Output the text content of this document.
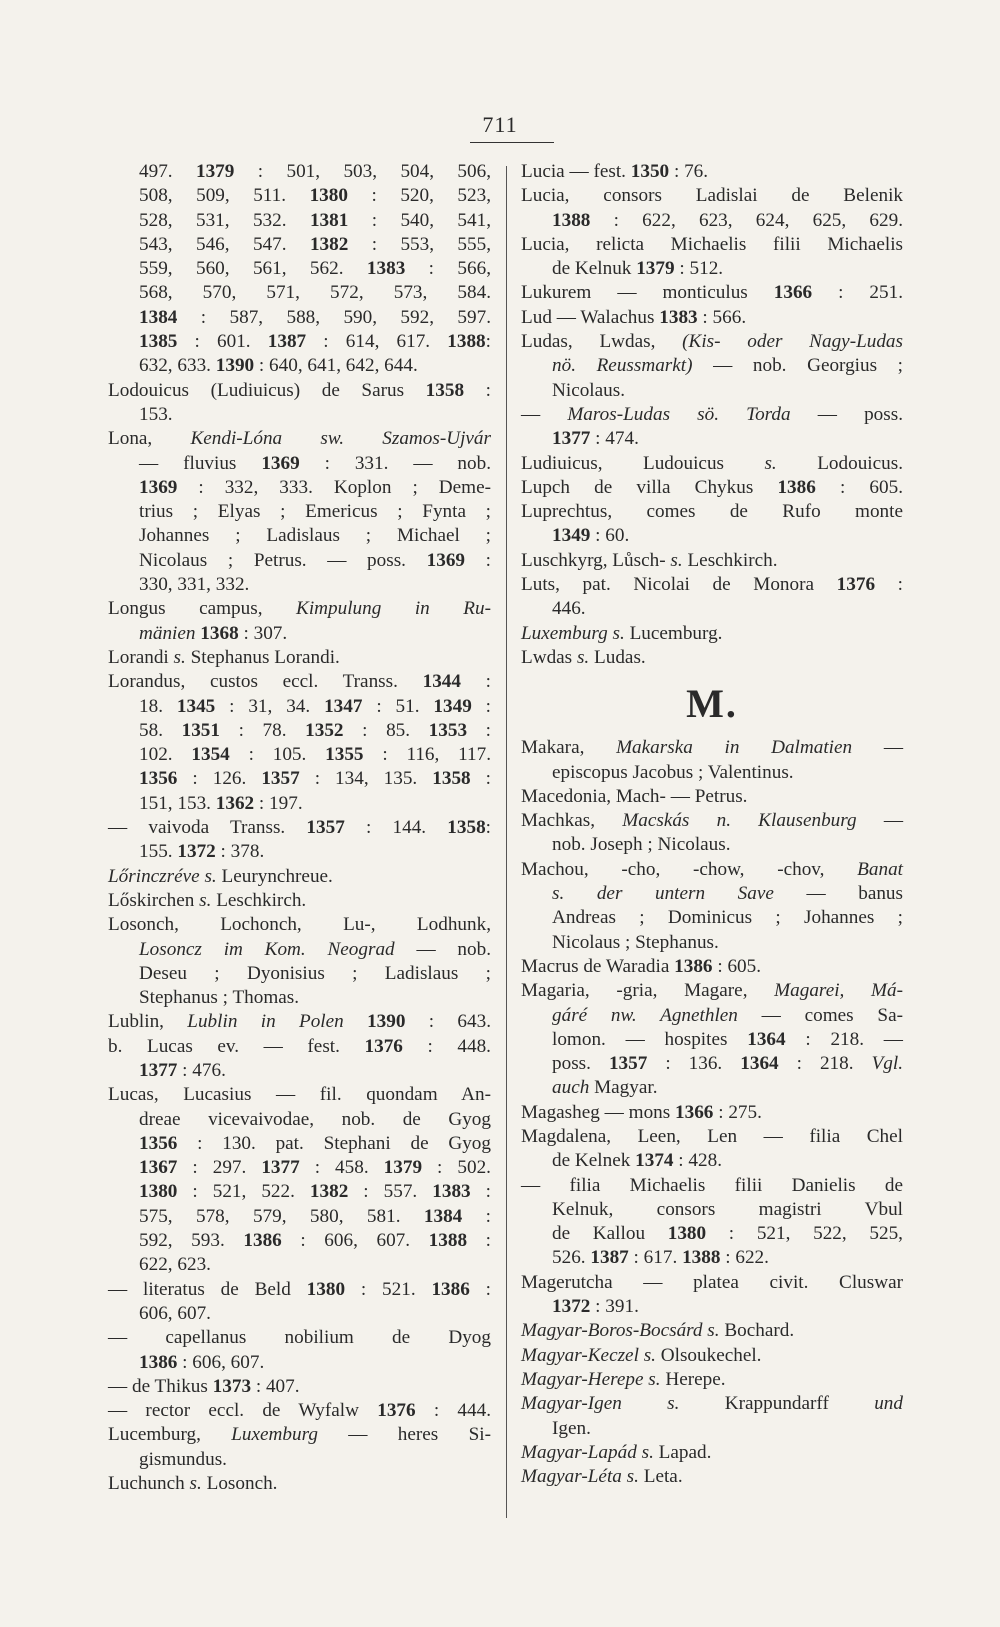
711
497. 1379 : 501, 503, 504, 506,
508, 509, 511. 1380 : 520, 523,
528, 531, 532. 1381 : 540, 541,
543, 546, 547. 1382 : 553, 555,
559, 560, 561, 562. 1383 : 566,
568, 570, 571, 572, 573, 584.
1384 : 587, 588, 590, 592, 597.
1385 : 601. 1387 : 614, 617. 1388:
632, 633. 1390 : 640, 641, 642, 644.
Lodouicus (Ludiuicus) de Sarus 1358 :
153.
Lona, Kendi-Lóna sw. Szamos-Ujvár
— fluvius 1369 : 331. — nob.
1369 : 332, 333. Koplon ; Deme-
trius ; Elyas ; Emericus ; Fynta ;
Johannes ; Ladislaus ; Michael ;
Nicolaus ; Petrus. — poss. 1369 :
330, 331, 332.
Longus campus, Kimpulung in Ru-
mänien 1368 : 307.
Lorandi s. Stephanus Lorandi.
Lorandus, custos eccl. Transs. 1344 :
18. 1345 : 31, 34. 1347 : 51. 1349 :
58. 1351 : 78. 1352 : 85. 1353 :
102. 1354 : 105. 1355 : 116, 117.
1356 : 126. 1357 : 134, 135. 1358 :
151, 153. 1362 : 197.
— vaivoda Transs. 1357 : 144. 1358:
155. 1372 : 378.
Lőrinczréve s. Leurynchreue.
Lőskirchen s. Leschkirch.
Losonch, Lochonch, Lu-, Lodhunk,
Losoncz im Kom. Neograd — nob.
Deseu ; Dyonisius ; Ladislaus ;
Stephanus ; Thomas.
Lublin, Lublin in Polen 1390 : 643.
b. Lucas ev. — fest. 1376 : 448.
1377 : 476.
Lucas, Lucasius — fil. quondam An-
dreae vicevaivodae, nob. de Gyog
1356 : 130. pat. Stephani de Gyog
1367 : 297. 1377 : 458. 1379 : 502.
1380 : 521, 522. 1382 : 557. 1383 :
575, 578, 579, 580, 581. 1384 :
592, 593. 1386 : 606, 607. 1388 :
622, 623.
— literatus de Beld 1380 : 521. 1386 :
606, 607.
— capellanus nobilium de Dyog
1386 : 606, 607.
— de Thikus 1373 : 407.
— rector eccl. de Wyfalw 1376 : 444.
Lucemburg, Luxemburg — heres Si-
gismundus.
Luchunch s. Losonch.
Lucia — fest. 1350 : 76.
Lucia, consors Ladislai de Belenik
1388 : 622, 623, 624, 625, 629.
Lucia, relicta Michaelis filii Michaelis
de Kelnuk 1379 : 512.
Lukurem — monticulus 1366 : 251.
Lud — Walachus 1383 : 566.
Ludas, Lwdas, (Kis- oder Nagy-Ludas
nö. Reussmarkt) — nob. Georgius ;
Nicolaus.
— Maros-Ludas sö. Torda — poss.
1377 : 474.
Ludiuicus, Ludouicus s. Lodouicus.
Lupch de villa Chykus 1386 : 605.
Luprechtus, comes de Rufo monte
1349 : 60.
Luschkyrg, Lůsch- s. Leschkirch.
Luts, pat. Nicolai de Monora 1376 :
446.
Luxemburg s. Lucemburg.
Lwdas s. Ludas.
M.
Makara, Makarska in Dalmatien —
episcopus Jacobus ; Valentinus.
Macedonia, Mach- — Petrus.
Machkas, Macskás n. Klausenburg —
nob. Joseph ; Nicolaus.
Machou, -cho, -chow, -chov, Banat
s. der untern Save — banus
Andreas ; Dominicus ; Johannes ;
Nicolaus ; Stephanus.
Macrus de Waradia 1386 : 605.
Magaria, -gria, Magare, Magarei, Má-
gáré nw. Agnethlen — comes Sa-
lomon. — hospites 1364 : 218. —
poss. 1357 : 136. 1364 : 218. Vgl.
auch Magyar.
Magasheg — mons 1366 : 275.
Magdalena, Leen, Len — filia Chel
de Kelnek 1374 : 428.
— filia Michaelis filii Danielis de
Kelnuk, consors magistri Vbul
de Kallou 1380 : 521, 522, 525,
526. 1387 : 617. 1388 : 622.
Magerutcha — platea civit. Cluswar
1372 : 391.
Magyar-Boros-Bocsárd s. Bochard.
Magyar-Keczel s. Olsoukechel.
Magyar-Herepe s. Herepe.
Magyar-Igen s. Krappundarff und
Igen.
Magyar-Lapád s. Lapad.
Magyar-Léta s. Leta.
